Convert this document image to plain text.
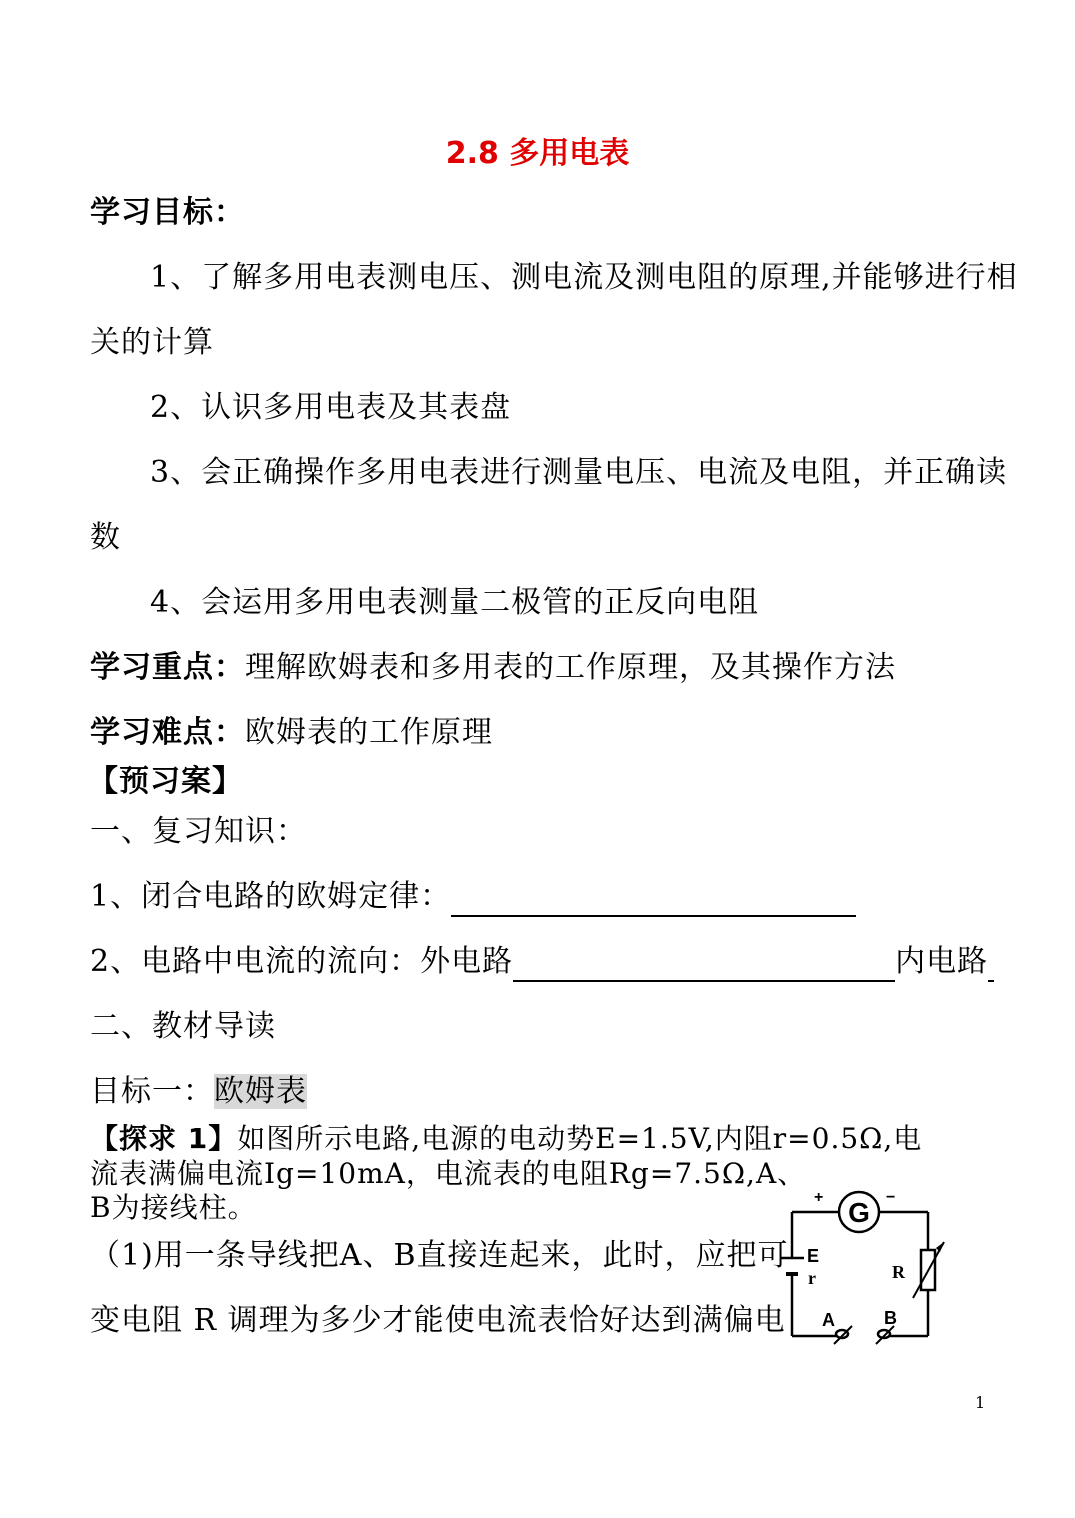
2.8 多用电表
学习目标：
1、了解多用电表测电压、测电流及测电阻的原理,并能够进行相
关的计算
2、认识多用电表及其表盘
3、会正确操作多用电表进行测量电压、电流及电阻，并正确读
数
4、会运用多用电表测量二极管的正反向电阻
学习重点：理解欧姆表和多用表的工作原理，及其操作方法
学习难点：欧姆表的工作原理
【预习案】
一、复习知识：
1、闭合电路的欧姆定律：
2、电路中电流的流向：外电路	内电路
二、教材导读
目标一：欧姆表
【探求 1】如图所示电路,电源的电动势E=1.5V,内阻r=0.5Ω,电
流表满偏电流Ig=10mA，电流表的电阻Rg=7.5Ω,A、
B为接线柱。
（1)用一条导线把A、B直接连起来，此时，应把可
变电阻 R 调理为多少才能使电流表恰好达到满偏电
G
+	−
E
r	R
A	B
1
